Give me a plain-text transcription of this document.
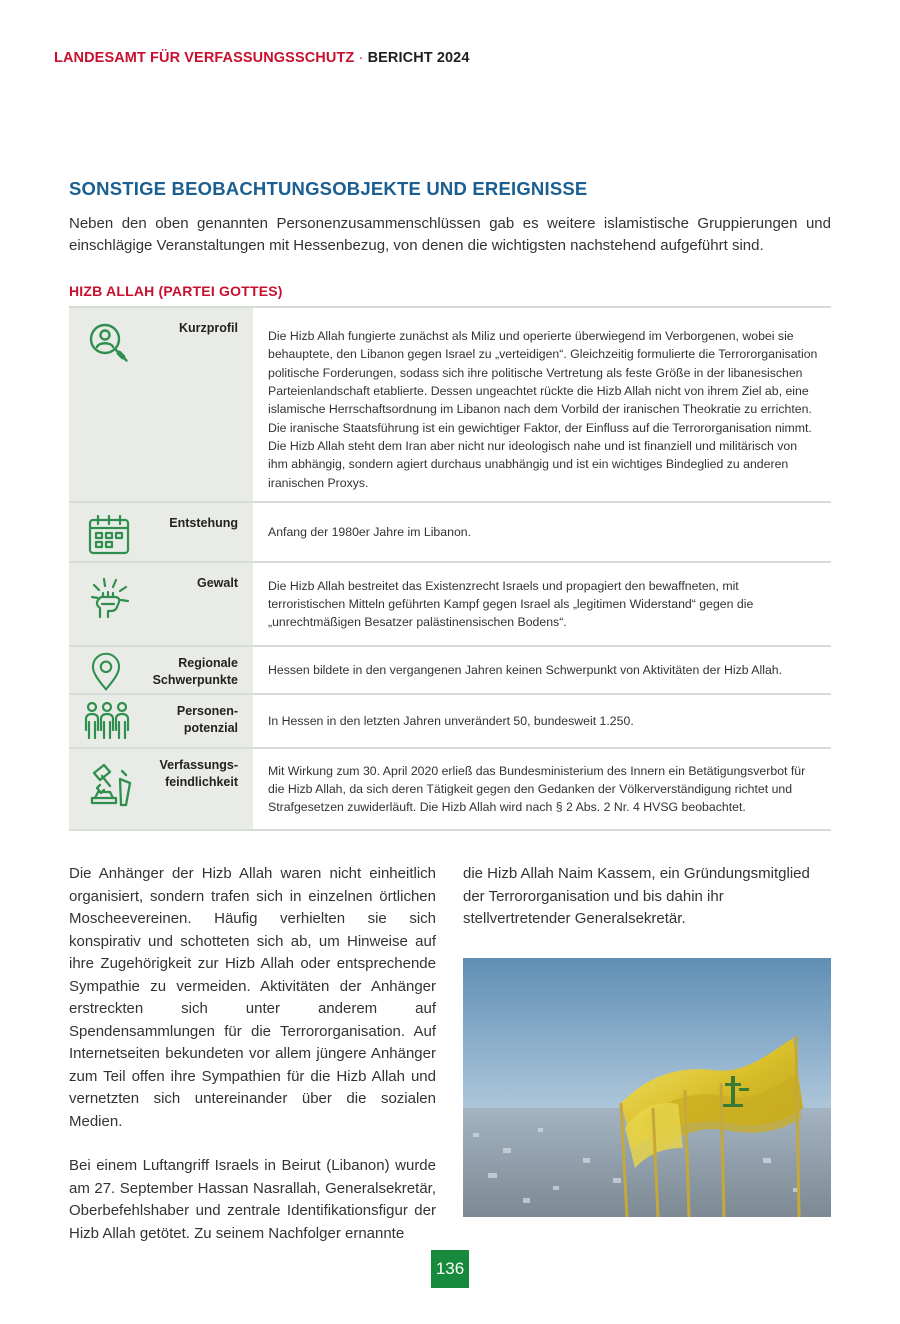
LANDESAMT FÜR VERFASSUNGSSCHUTZ · BERICHT 2024
SONSTIGE BEOBACHTUNGSOBJEKTE UND EREIGNISSE

Neben den oben genannten Personenzusammenschlüssen gab es weitere islamistische Gruppierungen und einschlägige Veranstaltungen mit Hessenbezug, von denen die wichtigsten nachstehend aufgeführt sind.

HIZB ALLAH (PARTEI GOTTES)
Kurzprofil
Die Hizb Allah fungierte zunächst als Miliz und operierte überwiegend im Verborgenen, wobei sie behauptete, den Libanon gegen Israel zu „verteidigen“. Gleichzeitig formulierte die Terrororganisation politische Forderungen, sodass sich ihre politische Vertretung als feste Größe in der libanesischen Parteienlandschaft etablierte. Dessen ungeachtet rückte die Hizb Allah nicht von ihrem Ziel ab, eine islamische Herrschaftsordnung im Libanon nach dem Vorbild der iranischen Theokratie zu errichten. Die iranische Staatsführung ist ein gewichtiger Faktor, der Einfluss auf die Terrororganisation nimmt. Die Hizb Allah steht dem Iran aber nicht nur ideologisch nahe und ist finanziell und militärisch von ihm abhängig, sondern agiert durchaus unabhängig und ist ein wichtiges Bindeglied zu anderen iranischen Proxys.
Entstehung
Anfang der 1980er Jahre im Libanon.
Gewalt	Die Hizb Allah bestreitet das Existenzrecht Israels und propagiert den bewaffneten, mit terroristischen Mitteln geführten Kampf gegen Israel als „legitimen Widerstand“ gegen die „unrechtmäßigen Besatzer palästinensischen Bodens“.
Regionale
Schwerpunkte
Hessen bildete in den vergangenen Jahren keinen Schwerpunkt von Aktivitäten der Hizb Allah.
Personen-
potenzial
In Hessen in den letzten Jahren unverändert 50, bundesweit 1.250.
Verfassungs-
feindlichkeit
Mit Wirkung zum 30. April 2020 erließ das Bundesministerium des Innern ein Betätigungsverbot für die Hizb Allah, da sich deren Tätigkeit gegen den Gedanken der Völkerverständigung richtet und Strafgesetzen zuwiderläuft. Die Hizb Allah wird nach § 2 Abs. 2 Nr. 4 HVSG beobachtet.

Die Anhänger der Hizb Allah waren nicht einheitlich organisiert, sondern trafen sich in einzelnen örtlichen Moscheevereinen. Häufig verhielten sie sich konspirativ und schotteten sich ab, um Hinweise auf ihre Zugehörigkeit zur Hizb Allah oder entsprechende Sympathie zu vermeiden. Aktivitäten der Anhänger erstreckten sich unter anderem auf Spendensammlungen für die Terrororganisation. Auf Internetseiten bekundeten vor allem jüngere Anhänger zum Teil offen ihre Sympathien für die Hizb Allah und vernetzten sich untereinander über die sozialen Medien.

Bei einem Luftangriff Israels in Beirut (Libanon) wurde am 27. September Hassan Nasrallah, Generalsekretär, Oberbefehlshaber und zentrale Identifikationsfigur der Hizb Allah getötet. Zu seinem Nachfolger ernannte

die Hizb Allah Naim Kassem, ein Gründungsmitglied der Terrororganisation und bis dahin ihr stellvertretender Generalsekretär.

136
